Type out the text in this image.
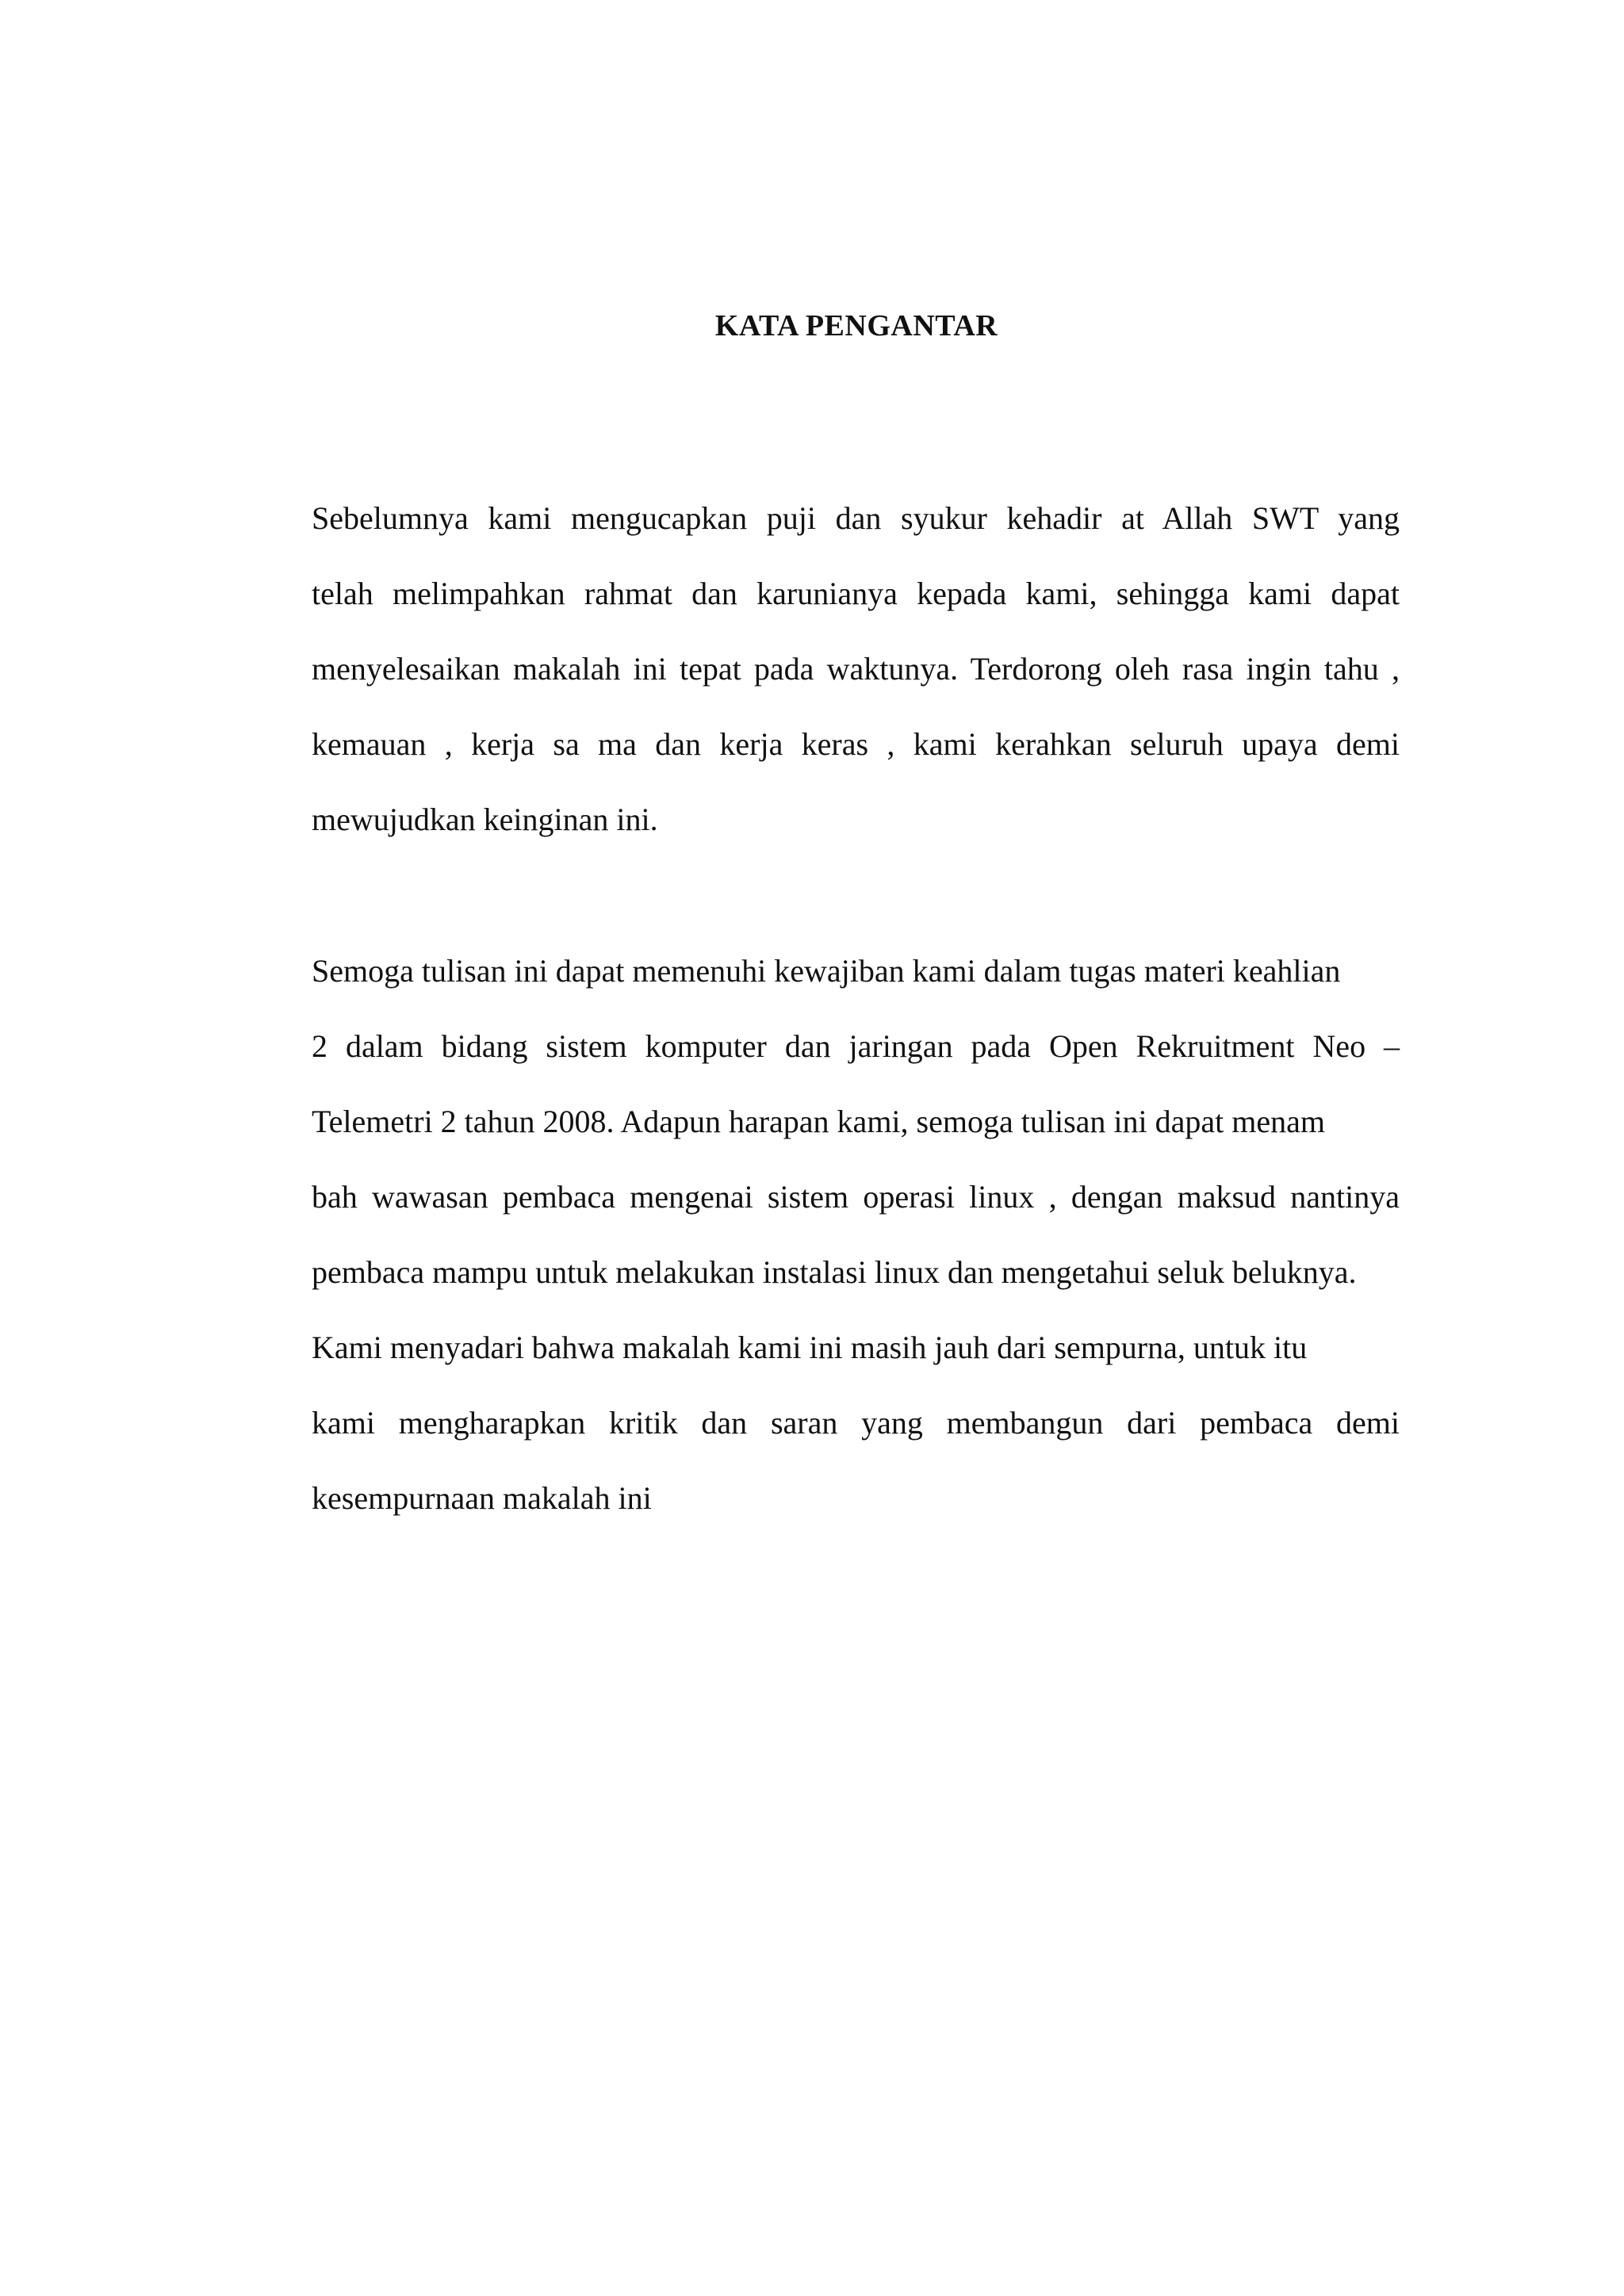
KATA PENGANTAR
Sebelumnya kami mengucapkan puji dan syukur kehadir at Allah SWT yang
telah melimpahkan rahmat dan karunianya kepada kami, sehingga kami dapat
menyelesaikan makalah ini tepat pada waktunya. Terdorong oleh rasa ingin tahu ,
kemauan , kerja sa ma dan kerja keras , kami kerahkan seluruh upaya demi
mewujudkan keinginan ini.
Semoga tulisan ini dapat memenuhi kewajiban kami dalam tugas materi keahlian
2 dalam bidang sistem komputer dan jaringan pada Open Rekruitment Neo –
Telemetri 2 tahun 2008. Adapun harapan kami, semoga tulisan ini dapat menam
bah wawasan pembaca mengenai sistem operasi linux , dengan maksud nantinya
pembaca mampu untuk melakukan instalasi linux dan mengetahui seluk beluknya.
Kami menyadari bahwa makalah kami ini masih jauh dari sempurna, untuk itu
kami mengharapkan kritik dan saran yang membangun dari pembaca demi
kesempurnaan makalah ini
